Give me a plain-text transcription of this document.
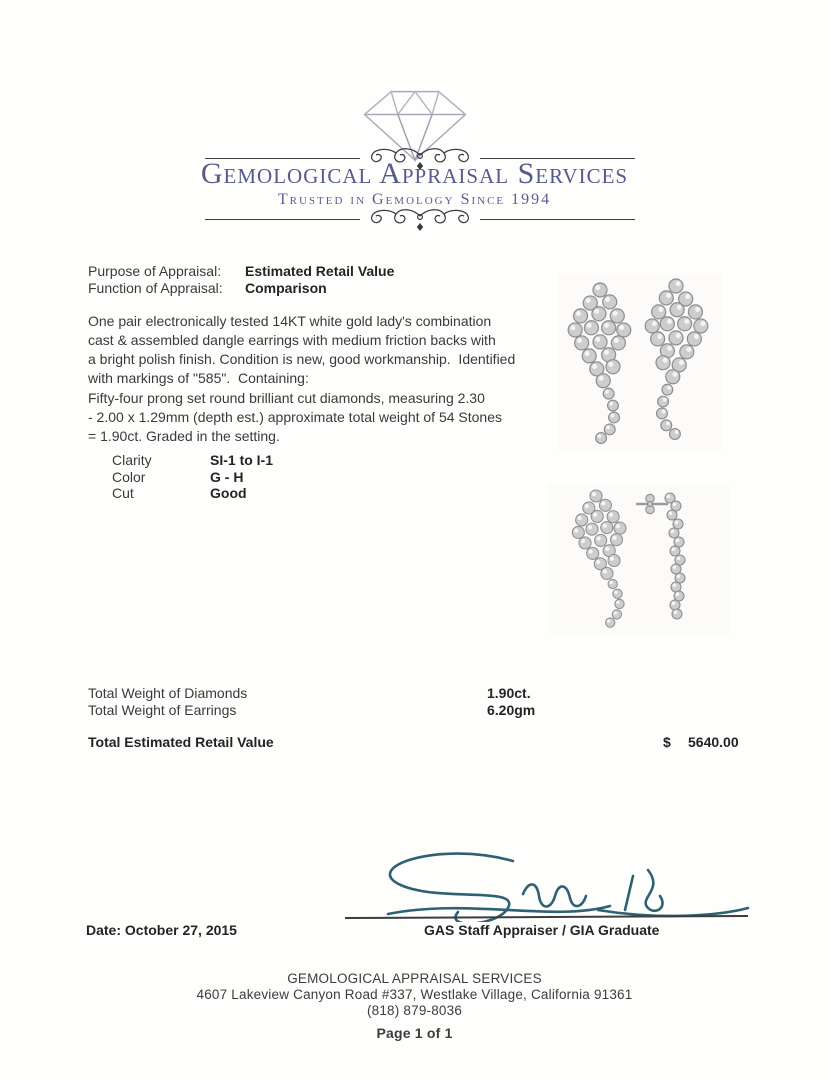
Gemological Appraisal Services
Trusted in Gemology Since 1994
Purpose of Appraisal: Estimated Retail Value
Function of Appraisal: Comparison
One pair electronically tested 14KT white gold lady's combination
cast & assembled dangle earrings with medium friction backs with
a bright polish finish. Condition is new, good workmanship.  Identified
with markings of "585".  Containing:
Fifty-four prong set round brilliant cut diamonds, measuring 2.30
- 2.00 x 1.29mm (depth est.) approximate total weight of 54 Stones
= 1.90ct. Graded in the setting.
Clarity	SI-1 to I-1
Color	G - H
Cut	Good
Total Weight of Diamonds	1.90ct.
Total Weight of Earrings	6.20gm
Total Estimated Retail Value	$ 5640.00
Date: October 27, 2015	GAS Staff Appraiser / GIA Graduate
GEMOLOGICAL APPRAISAL SERVICES
4607 Lakeview Canyon Road #337, Westlake Village, California 91361
(818) 879-8036
Page 1 of 1
